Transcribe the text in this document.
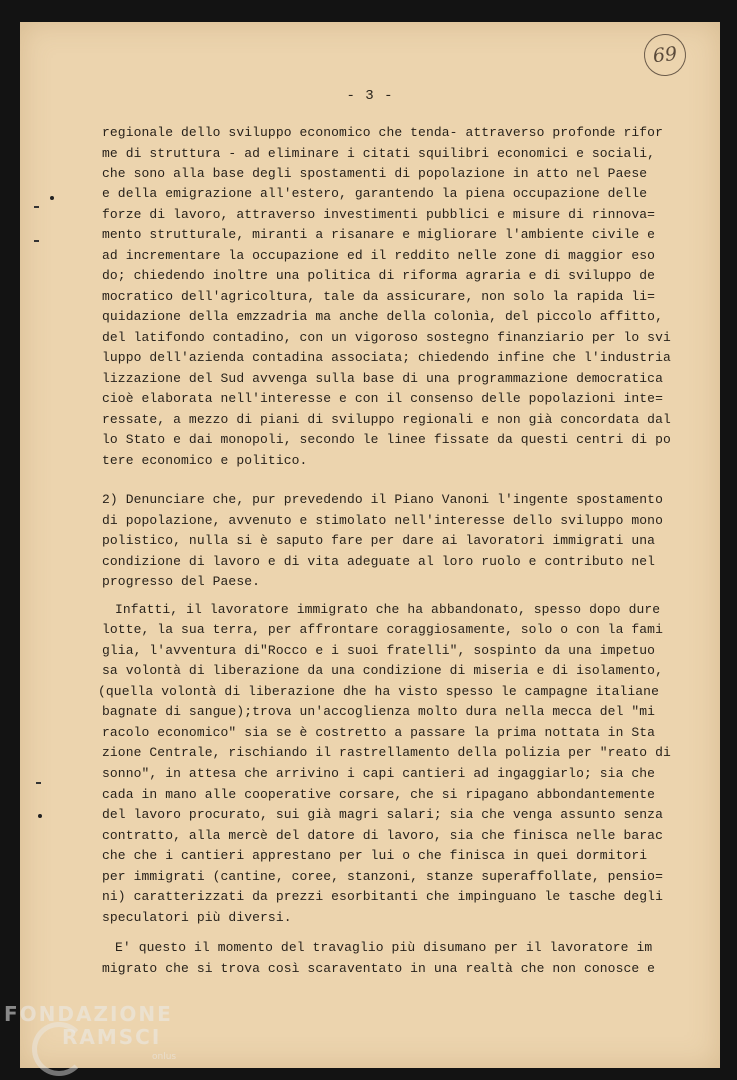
69
- 3 -
regionale dello sviluppo economico che tenda- attraverso profonde rifor
me di struttura - ad eliminare i citati squilibri economici e sociali,
che sono alla base degli spostamenti di popolazione in atto nel Paese
e della emigrazione all'estero, garantendo la piena occupazione delle
forze di lavoro, attraverso investimenti pubblici e misure di rinnova=
mento strutturale, miranti a risanare e migliorare l'ambiente civile e
ad incrementare la occupazione ed il reddito nelle zone di maggior eso
do; chiedendo inoltre una politica di riforma agraria e di sviluppo de
mocratico dell'agricoltura, tale da assicurare, non solo la rapida li=
quidazione della emzzadria ma anche della colonìa, del piccolo affitto,
del latifondo contadino, con un vigoroso sostegno finanziario per lo svi
luppo dell'azienda contadina associata; chiedendo infine che l'industria
lizzazione del Sud avvenga sulla base di una programmazione democratica
cioè elaborata nell'interesse e con il consenso delle popolazioni inte=
ressate, a mezzo di piani di sviluppo regionali e non già concordata dal
lo Stato e dai monopoli, secondo le linee fissate da questi centri di po
tere economico e politico.
2) Denunciare che, pur prevedendo il Piano Vanoni l'ingente spostamento
di popolazione, avvenuto e stimolato nell'interesse dello sviluppo mono
polistico, nulla si è saputo fare per dare ai lavoratori immigrati una
condizione di lavoro e di vita adeguate al loro ruolo e contributo nel
progresso del Paese.
Infatti, il lavoratore immigrato che ha abbandonato, spesso dopo dure
lotte, la sua terra, per affrontare coraggiosamente, solo o con la fami
glia, l'avventura di"Rocco e i suoi fratelli", sospinto da una impetuo
sa volontà di liberazione da una condizione di miseria e di isolamento,
(quella volontà di liberazione dhe ha visto spesso le campagne italiane
bagnate di sangue);trova un'accoglienza molto dura nella mecca del "mi
racolo economico" sia se è costretto a passare la prima nottata in Sta
zione Centrale, rischiando il rastrellamento della polizia per "reato di
sonno", in attesa che arrivino i capi cantieri ad ingaggiarlo; sia che
cada in mano alle cooperative corsare, che si ripagano abbondantemente
del lavoro procurato, sui già magri salari; sia che venga assunto senza
contratto, alla mercè del datore di lavoro, sia che finisca nelle barac
che che i cantieri apprestano per lui o che finisca in quei dormitori
per immigrati (cantine, coree, stanzoni, stanze superaffollate, pensio=
ni) caratterizzati da prezzi esorbitanti che impinguano le tasche degli
speculatori più diversi.
E' questo il momento del travaglio più disumano per il lavoratore im
migrato che si trova così scaraventato in una realtà che non conosce e
FONDAZIONE
RAMSCI
onlus
